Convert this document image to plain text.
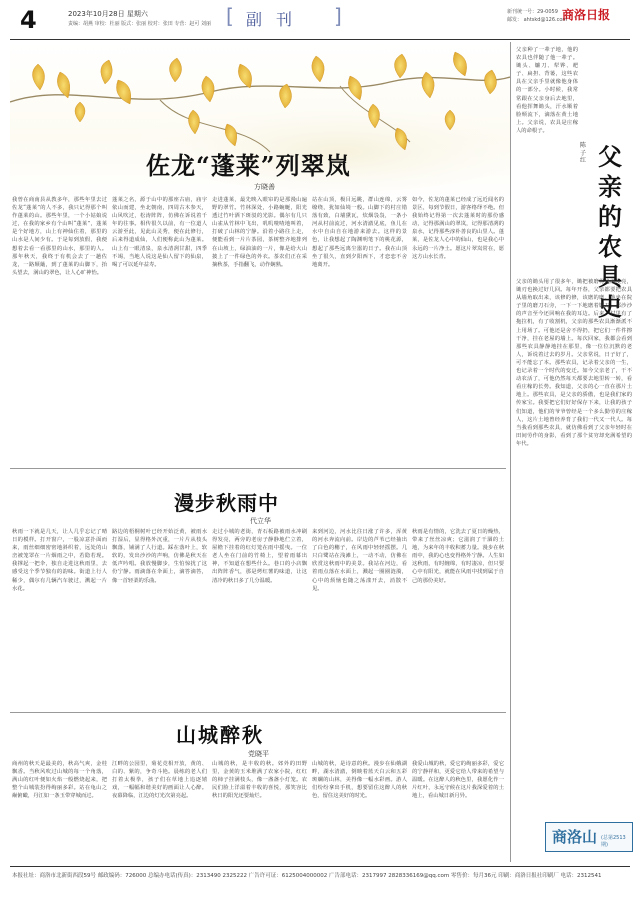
4	2023年10月28日 星期六
责编：胡燕 审校：杜丽 版式：张丽 校对：张田 专营：赵可 刘丽 [ 副刊 ]	新刊统一号：29-0059
邮发： ahtskd@126.com
商洛日报
父亲种了一辈子地，他的农具也伴随了他一辈子。锄头、镰刀、犁铧、耙子、扁担、背篓，这些农具在父亲手里就像他身体的一部分。小时候，我常常跟在父亲身后去地里，看他挥舞锄头，汗水顺着脸颊流下，滴落在黄土地上。父亲说，农具是庄稼人的命根子。
陈子红 父亲的农具史
父亲的锄头用了很多年，锄把被磨得光滑发亮，锄刃也换过好几回。每年开春，父亲都要把农具从墙角取出来，该修的修，该磨的磨。他坐在院子里的磨刀石旁，一下一下地磨着镰刀，那沙沙的声音至今还回响在我的耳边。后来，村里有了拖拉机，有了收割机，父亲的那些农具渐渐派不上用场了。可他还是舍不得扔，把它们一件件擦干净，挂在老屋的墙上。每次回家，我都会看到那些农具静静地挂在那里，像一位位沉默的老人，诉说着过去的岁月。父亲常说，日子好了，可不能忘了本。那些农具，记录着父亲的一生，也记录着一个时代的变迁。如今父亲老了，干不动农活了，可他仍然每天都要去地里转一转，看看庄稼的长势。我知道，父亲的心一直在那片土地上。那些农具，是父亲的骄傲，也是我们家的传家宝。我要把它们好好保存下来，让我的孩子们知道，他们的爷爷曾经是一个多么勤劳的庄稼人，这片土地曾经养育了我们一代又一代人。每当我看到那些农具，就仿佛看到了父亲年轻时在田间劳作的身影，看到了那个贫穷却充满希望的年代。
商洛山 (总第2513期)
佐龙“蓬莱”列翠岚
方晓善
我曾在商南县从教多年，那些年里去过佐龙“蓬莱”的人不多，我只记得那个叫作蓬莱的山。那些年里，一个小姑娘说过，在我的家乡有个山叫“蓬莱”，蓬莱是个好地方，山上有神仙住着，那里的山水是人间少有。于是每到放假，我便想着去看一看那里的山水，那里的人。那年秋天，我终于有机会去了一趟佐龙，一路颠簸，到了蓬莱的山脚下，抬头望去，满山的翠色，让人心旷神怡。
蓬莱之名，源于山中的那座古庙，庙宇依山而建，坐北朝南，四周古木参天，山风吹过，松涛阵阵，仿佛在诉说着千年的往事。相传很久以前，有一位道人云游至此，见此山灵秀，便在此修行，后来得道成仙，人们便称此山为蓬莱。山上有一眼清泉，泉水清冽甘甜，四季不竭，当地人说这是仙人留下的仙泉，喝了可以延年益寿。
走进蓬莱，最先映入眼帘的是那漫山遍野的翠竹。竹林深处，小路蜿蜒，阳光透过竹叶洒下斑驳的光影。偶尔有几只山雀从竹林中飞出，叽叽喳喳地叫着，打破了山林的宁静。沿着小路往上走，便能看到一片片茶园，茶树整齐地排列在山坡上，绿油油的一片，像是给大山披上了一件绿色的外衣。茶农们正在采摘秋茶，手指翻飞，动作娴熟。
站在山顶，极目远眺，群山连绵，云雾缭绕，犹如仙境一般。山脚下的村庄错落有致，白墙黛瓦，炊烟袅袅，一条小河从村前流过，河水清澈见底，鱼儿在水中自由自在地游来游去。这样的景色，让我想起了陶渊明笔下的桃花源，想起了那些远离尘嚣的日子。我在山顶坐了很久，直到夕阳西下，才恋恋不舍地离开。
如今，佐龙的蓬莱已经成了远近闻名的景区，每到节假日，游客络绎不绝。但我始终记得第一次去蓬莱时的那份感动，记得那满山的翠岚，记得那清冽的泉水，记得那些淳朴善良的山里人。蓬莱，是佐龙人心中的仙山，也是我心中永远的一片净土。愿这片翠岚常在，愿这方山水长青。
漫步秋雨中
代立华
秋雨一下就是几天，让人几乎忘记了晴日的模样。打开窗户，一股凉意扑面而来，雨丝细细密密地斜织着，远处的山峦被笼罩在一片烟雨之中，若隐若现。我撑起一把伞，独自走进这秋雨里，去感受这个季节独有的韵味。街道上行人稀少，偶尔有几辆汽车驶过，溅起一片水花。
路边的梧桐树叶已经开始泛黄，被雨水打湿后，显得格外沉重，一片片从枝头飘落，铺满了人行道。踩在落叶上，软软的，发出沙沙的声响，仿佛是秋天在低声吟唱。我放慢脚步，生怕惊扰了这份宁静。雨滴落在伞面上，滴答滴答，像一首轻柔的乐曲。
走过小城的老街，青石板路被雨水冲刷得发亮，两旁的老房子静静地伫立着，屋檐下挂着的红灯笼在雨中摇曳。一位老人坐在门前的竹椅上，望着雨幕出神，不知道在想些什么。巷口的小店飘出阵阵香气，那是烤红薯的味道，让这清冷的秋日多了几分温暖。
来到河边，河水比往日涨了许多，浑黄的河水奔流向前。岸边的芦苇已经抽出了白色的穗子，在风雨中轻轻摇摆。几只白鹭站在浅滩上，一动不动，仿佛在欣赏这秋雨中的美景。我站在河边，看着雨点落在水面上，溅起一圈圈涟漪，心中的烦恼也随之荡漾开去，消散不见。
秋雨是有情的，它洗去了夏日的燥热，带来了丝丝凉爽；它滋润了干涸的土地，为来年的丰收积蓄力量。漫步在秋雨中，我的心也变得格外宁静。人生如这秋雨，有时缠绵，有时凄凉，但只要心中有阳光，就能在风雨中找到属于自己的那份美好。
山城醉秋
党晓平
商州的秋天是最美的，秋高气爽，金桂飘香。当秋风吹过山城的每一个角落，满山的红叶便如火焰一般燃烧起来，把整个山城装扮得绚丽多彩。站在龟山之巅俯瞰，丹江如一条玉带穿城而过。
江畔的公园里，菊花竞相开放，黄的、白的、紫的，争奇斗艳。晨练的老人们打着太极拳，孩子们在草地上追逐嬉戏，一幅幅和谐美好的画面让人心醉。夜幕降临，江边的灯光次第亮起。
山城的秋，是丰收的秋。郊外的田野里，金黄的玉米堆满了农家小院，红红的柿子挂满枝头，像一盏盏小灯笼。农民们脸上洋溢着丰收的喜悦，那笑容比秋日的阳光还要灿烂。
山城的秋，是诗意的秋。漫步在仙娥湖畔，湖水清澈，倒映着蓝天白云和五彩斑斓的山林，美得像一幅水彩画。游人们纷纷拿出手机，想要留住这醉人的秋色，留住这美好的时光。
我爱山城的秋，爱它的绚丽多彩，爱它的宁静祥和，更爱它给人带来的希望与温暖。在这醉人的秋色里，我愿化作一片红叶，永远守候在这片我深爱着的土地上，看山城日新月异。
本报社址：商洛市北新街西段59号 邮政编码：726000 总编办电话(传真)：2313490 2325222 广告许可证：6125004000002 广告部电话：2317997 2828336169@qq.com 零售价：每月36元 印刷：商洛日报社印刷厂 电话：2312541
